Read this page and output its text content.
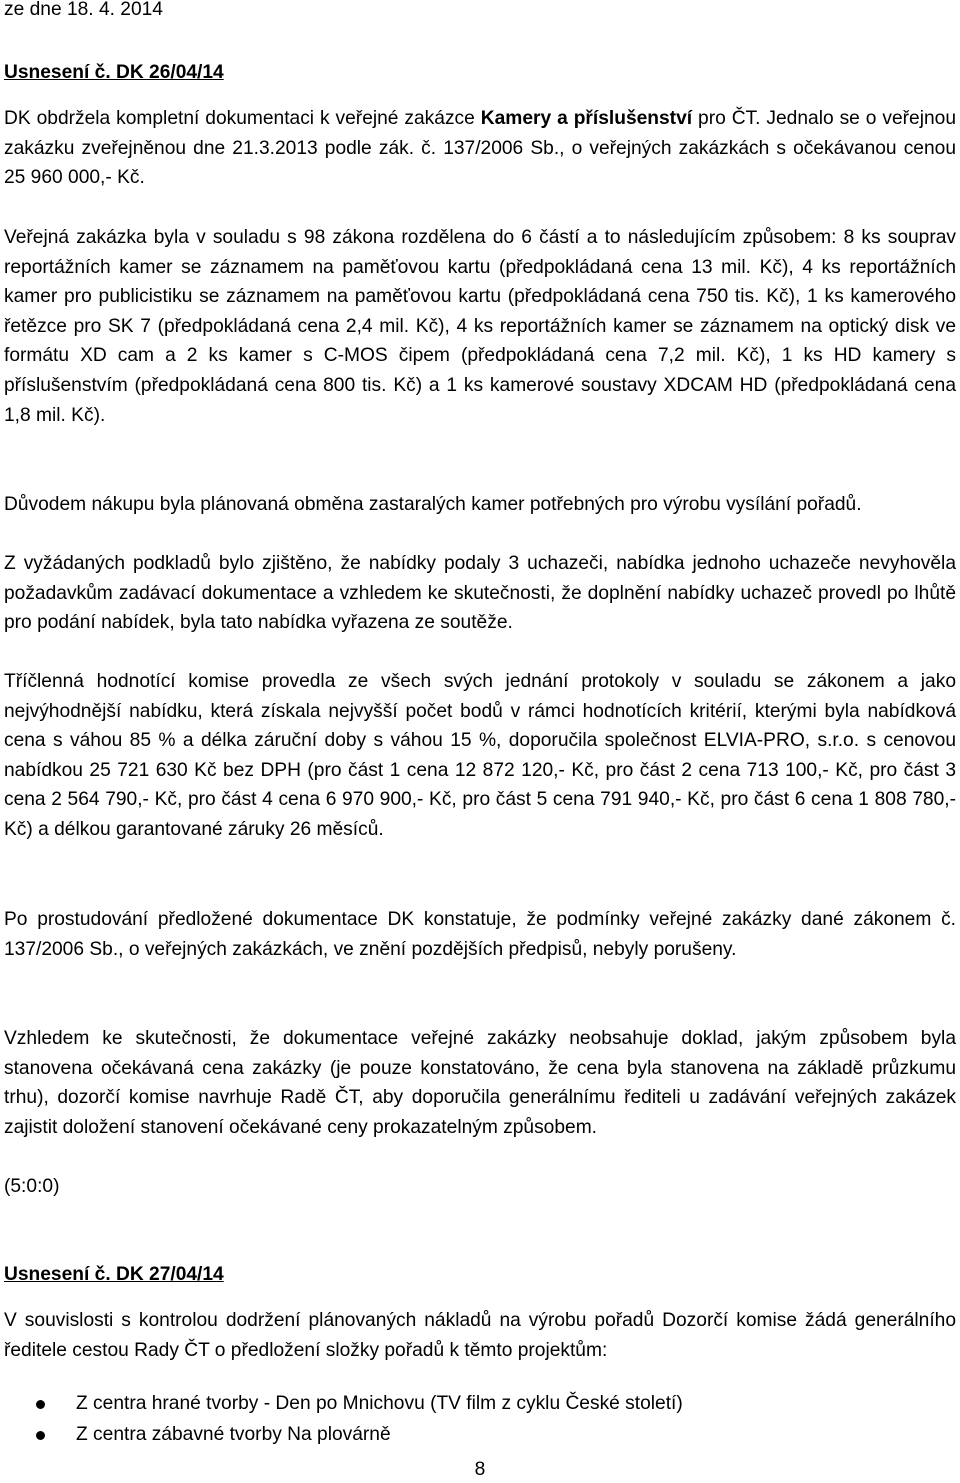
ze dne 18. 4. 2014

Usnesení č. DK 26/04/14

DK obdržela kompletní dokumentaci k veřejné zakázce Kamery a příslušenství pro ČT. Jednalo se o veřejnou zakázku zveřejněnou dne 21.3.2013 podle zák. č. 137/2006 Sb., o veřejných zakázkách s očekávanou cenou 25 960 000,- Kč.

Veřejná zakázka byla v souladu s 98 zákona rozdělena do 6 částí a to následujícím způsobem: 8 ks souprav reportážních kamer se záznamem na paměťovou kartu (předpokládaná cena 13 mil. Kč), 4 ks reportážních kamer pro publicistiku se záznamem na paměťovou kartu (předpokládaná cena 750 tis. Kč), 1 ks kamerového řetězce pro SK 7 (předpokládaná cena 2,4 mil. Kč), 4 ks reportážních kamer se záznamem na optický disk ve formátu XD cam a 2 ks kamer s C-MOS čipem (předpokládaná cena 7,2 mil. Kč), 1 ks HD kamery s příslušenstvím (předpokládaná cena 800 tis. Kč) a 1 ks kamerové soustavy XDCAM HD (předpokládaná cena 1,8 mil. Kč).

Důvodem nákupu byla plánovaná obměna zastaralých kamer potřebných pro výrobu vysílání pořadů.

Z vyžádaných podkladů bylo zjištěno, že nabídky podaly 3 uchazeči, nabídka jednoho uchazeče nevyhověla požadavkům zadávací dokumentace a vzhledem ke skutečnosti, že doplnění nabídky uchazeč provedl po lhůtě pro podání nabídek, byla tato nabídka vyřazena ze soutěže.

Tříčlenná hodnotící komise provedla ze všech svých jednání protokoly v souladu se zákonem a jako nejvýhodnější nabídku, která získala nejvyšší počet bodů v rámci hodnotících kritérií, kterými byla nabídková cena s váhou 85 % a délka záruční doby s váhou 15 %, doporučila společnost ELVIA-PRO, s.r.o. s cenovou nabídkou 25 721 630 Kč bez DPH (pro část 1 cena 12 872 120,- Kč, pro část 2 cena 713 100,- Kč, pro část 3 cena 2 564 790,- Kč, pro část 4 cena 6 970 900,- Kč, pro část 5 cena 791 940,- Kč, pro část 6 cena 1 808 780,- Kč) a délkou garantované záruky 26 měsíců.

Po prostudování předložené dokumentace DK konstatuje, že podmínky veřejné zakázky dané zákonem č. 137/2006 Sb., o veřejných zakázkách, ve znění pozdějších předpisů, nebyly porušeny.

Vzhledem ke skutečnosti, že dokumentace veřejné zakázky neobsahuje doklad, jakým způsobem byla stanovena očekávaná cena zakázky (je pouze konstatováno, že cena byla stanovena na základě průzkumu trhu), dozorčí komise navrhuje Radě ČT, aby doporučila generálnímu řediteli u zadávání veřejných zakázek zajistit doložení stanovení očekávané ceny prokazatelným způsobem.

(5:0:0)

Usnesení č. DK 27/04/14

V souvislosti s kontrolou dodržení plánovaných nákladů na výrobu pořadů Dozorčí komise žádá generálního ředitele cestou Rady ČT o předložení složky pořadů k těmto projektům:

Z centra hrané tvorby - Den po Mnichovu (TV film z cyklu České století)
Z centra zábavné tvorby Na plovárně
8
